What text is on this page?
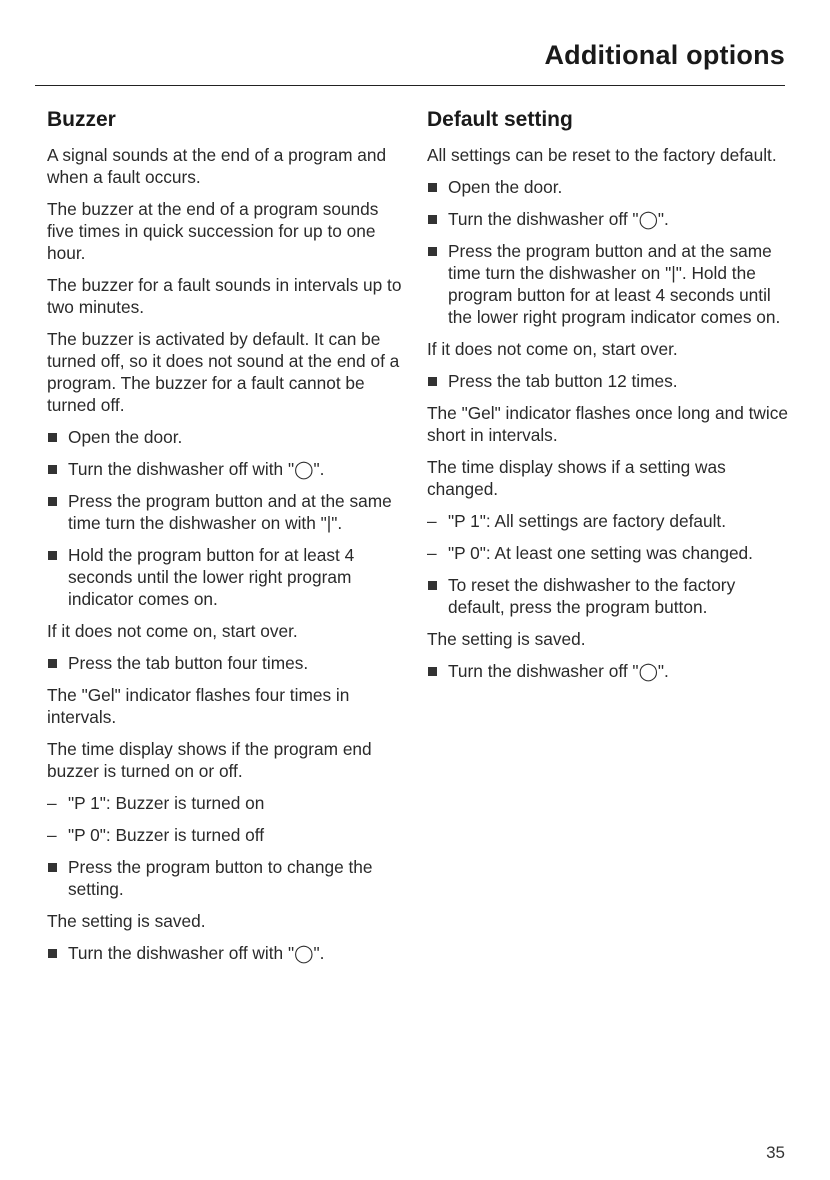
Additional options
Buzzer

A signal sounds at the end of a program and when a fault occurs.

The buzzer at the end of a program sounds five times in quick succession for up to one hour.

The buzzer for a fault sounds in intervals up to two minutes.

The buzzer is activated by default. It can be turned off, so it does not sound at the end of a program. The buzzer for a fault cannot be turned off.

Open the door.

Turn the dishwasher off with "◯".

Press the program button and at the same time turn the dishwasher on with "|".

Hold the program button for at least 4 seconds until the lower right program indicator comes on.

If it does not come on, start over.

Press the tab button four times.

The "Gel" indicator flashes four times in intervals.

The time display shows if the program end buzzer is turned on or off.

– "P 1": Buzzer is turned on

– "P 0": Buzzer is turned off

Press the program button to change the setting.

The setting is saved.

Turn the dishwasher off with "◯".

Default setting

All settings can be reset to the factory default.

Open the door.

Turn the dishwasher off "◯".

Press the program button and at the same time turn the dishwasher on "|". Hold the program button for at least 4 seconds until the lower right program indicator comes on.

If it does not come on, start over.

Press the tab button 12 times.

The "Gel" indicator flashes once long and twice short in intervals.

The time display shows if a setting was changed.

– "P 1": All settings are factory default.

– "P 0": At least one setting was changed.

To reset the dishwasher to the factory default, press the program button.

The setting is saved.

Turn the dishwasher off "◯".

35
